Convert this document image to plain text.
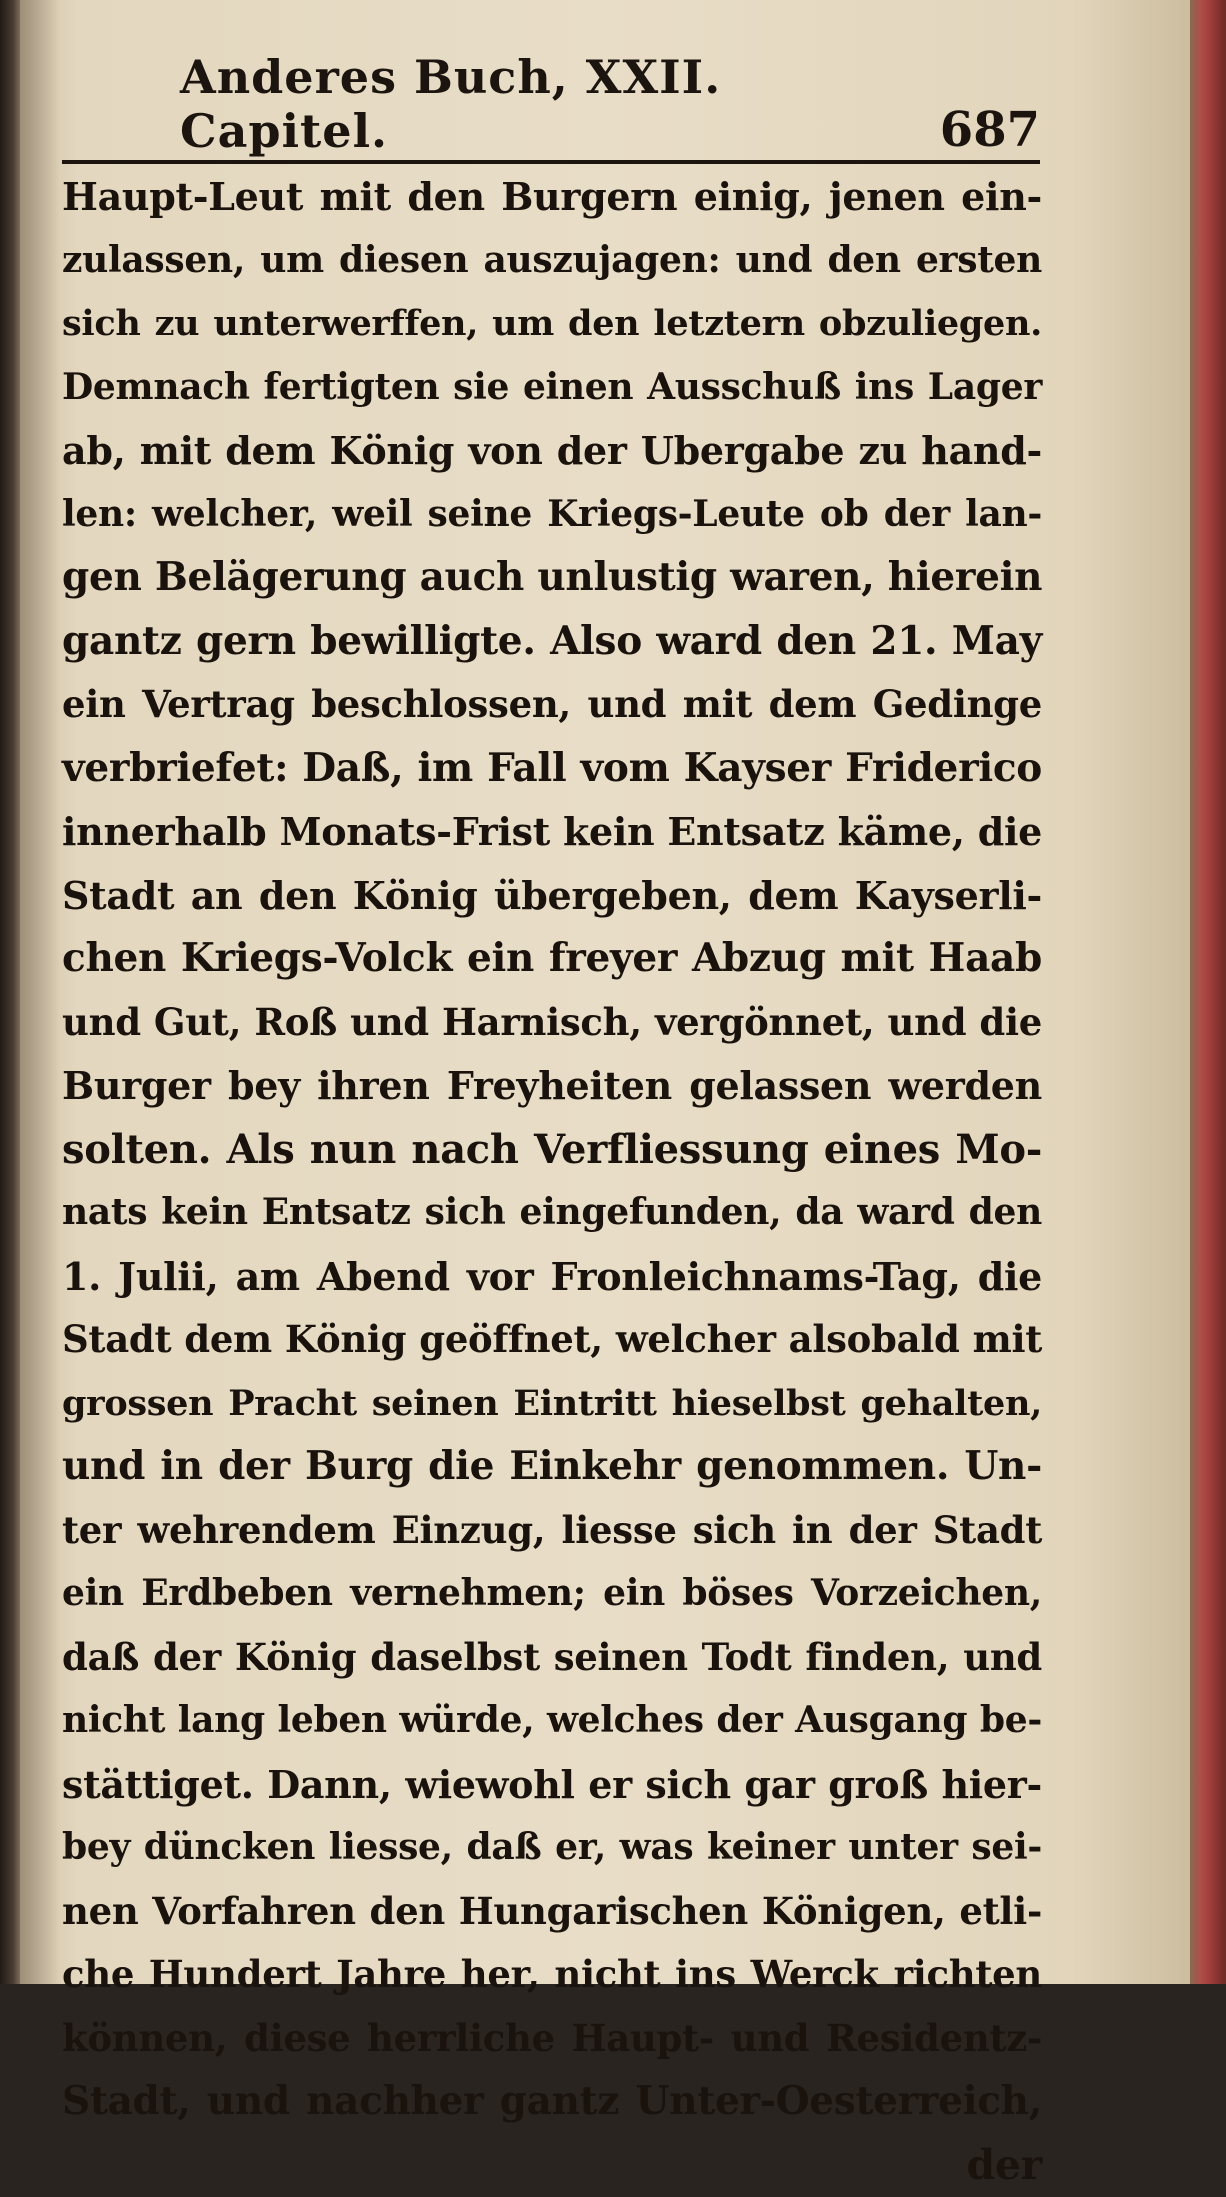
Anderes Buch, XXII. Capitel.	687
Haupt-Leut mit den Burgern einig, jenen ein-
zulassen, um diesen auszujagen: und den ersten
sich zu unterwerffen, um den letztern obzuliegen.
Demnach fertigten sie einen Ausschuß ins Lager
ab, mit dem König von der Ubergabe zu hand-
len: welcher, weil seine Kriegs-Leute ob der lan-
gen Belägerung auch unlustig waren, hierein
gantz gern bewilligte. Also ward den 21. May
ein Vertrag beschlossen, und mit dem Gedinge
verbriefet: Daß, im Fall vom Kayser Friderico
innerhalb Monats-Frist kein Entsatz käme, die
Stadt an den König übergeben, dem Kayserli-
chen Kriegs-Volck ein freyer Abzug mit Haab
und Gut, Roß und Harnisch, vergönnet, und die
Burger bey ihren Freyheiten gelassen werden
solten. Als nun nach Verfliessung eines Mo-
nats kein Entsatz sich eingefunden, da ward den
1. Julii, am Abend vor Fronleichnams-Tag, die
Stadt dem König geöffnet, welcher alsobald mit
grossen Pracht seinen Eintritt hieselbst gehalten,
und in der Burg die Einkehr genommen. Un-
ter wehrendem Einzug, liesse sich in der Stadt
ein Erdbeben vernehmen; ein böses Vorzeichen,
daß der König daselbst seinen Todt finden, und
nicht lang leben würde, welches der Ausgang be-
stättiget. Dann, wiewohl er sich gar groß hier-
bey düncken liesse, daß er, was keiner unter sei-
nen Vorfahren den Hungarischen Königen, etli-
che Hundert Jahre her, nicht ins Werck richten
können, diese herrliche Haupt- und Residentz-
Stadt, und nachher gantz Unter-Oesterreich,
der
